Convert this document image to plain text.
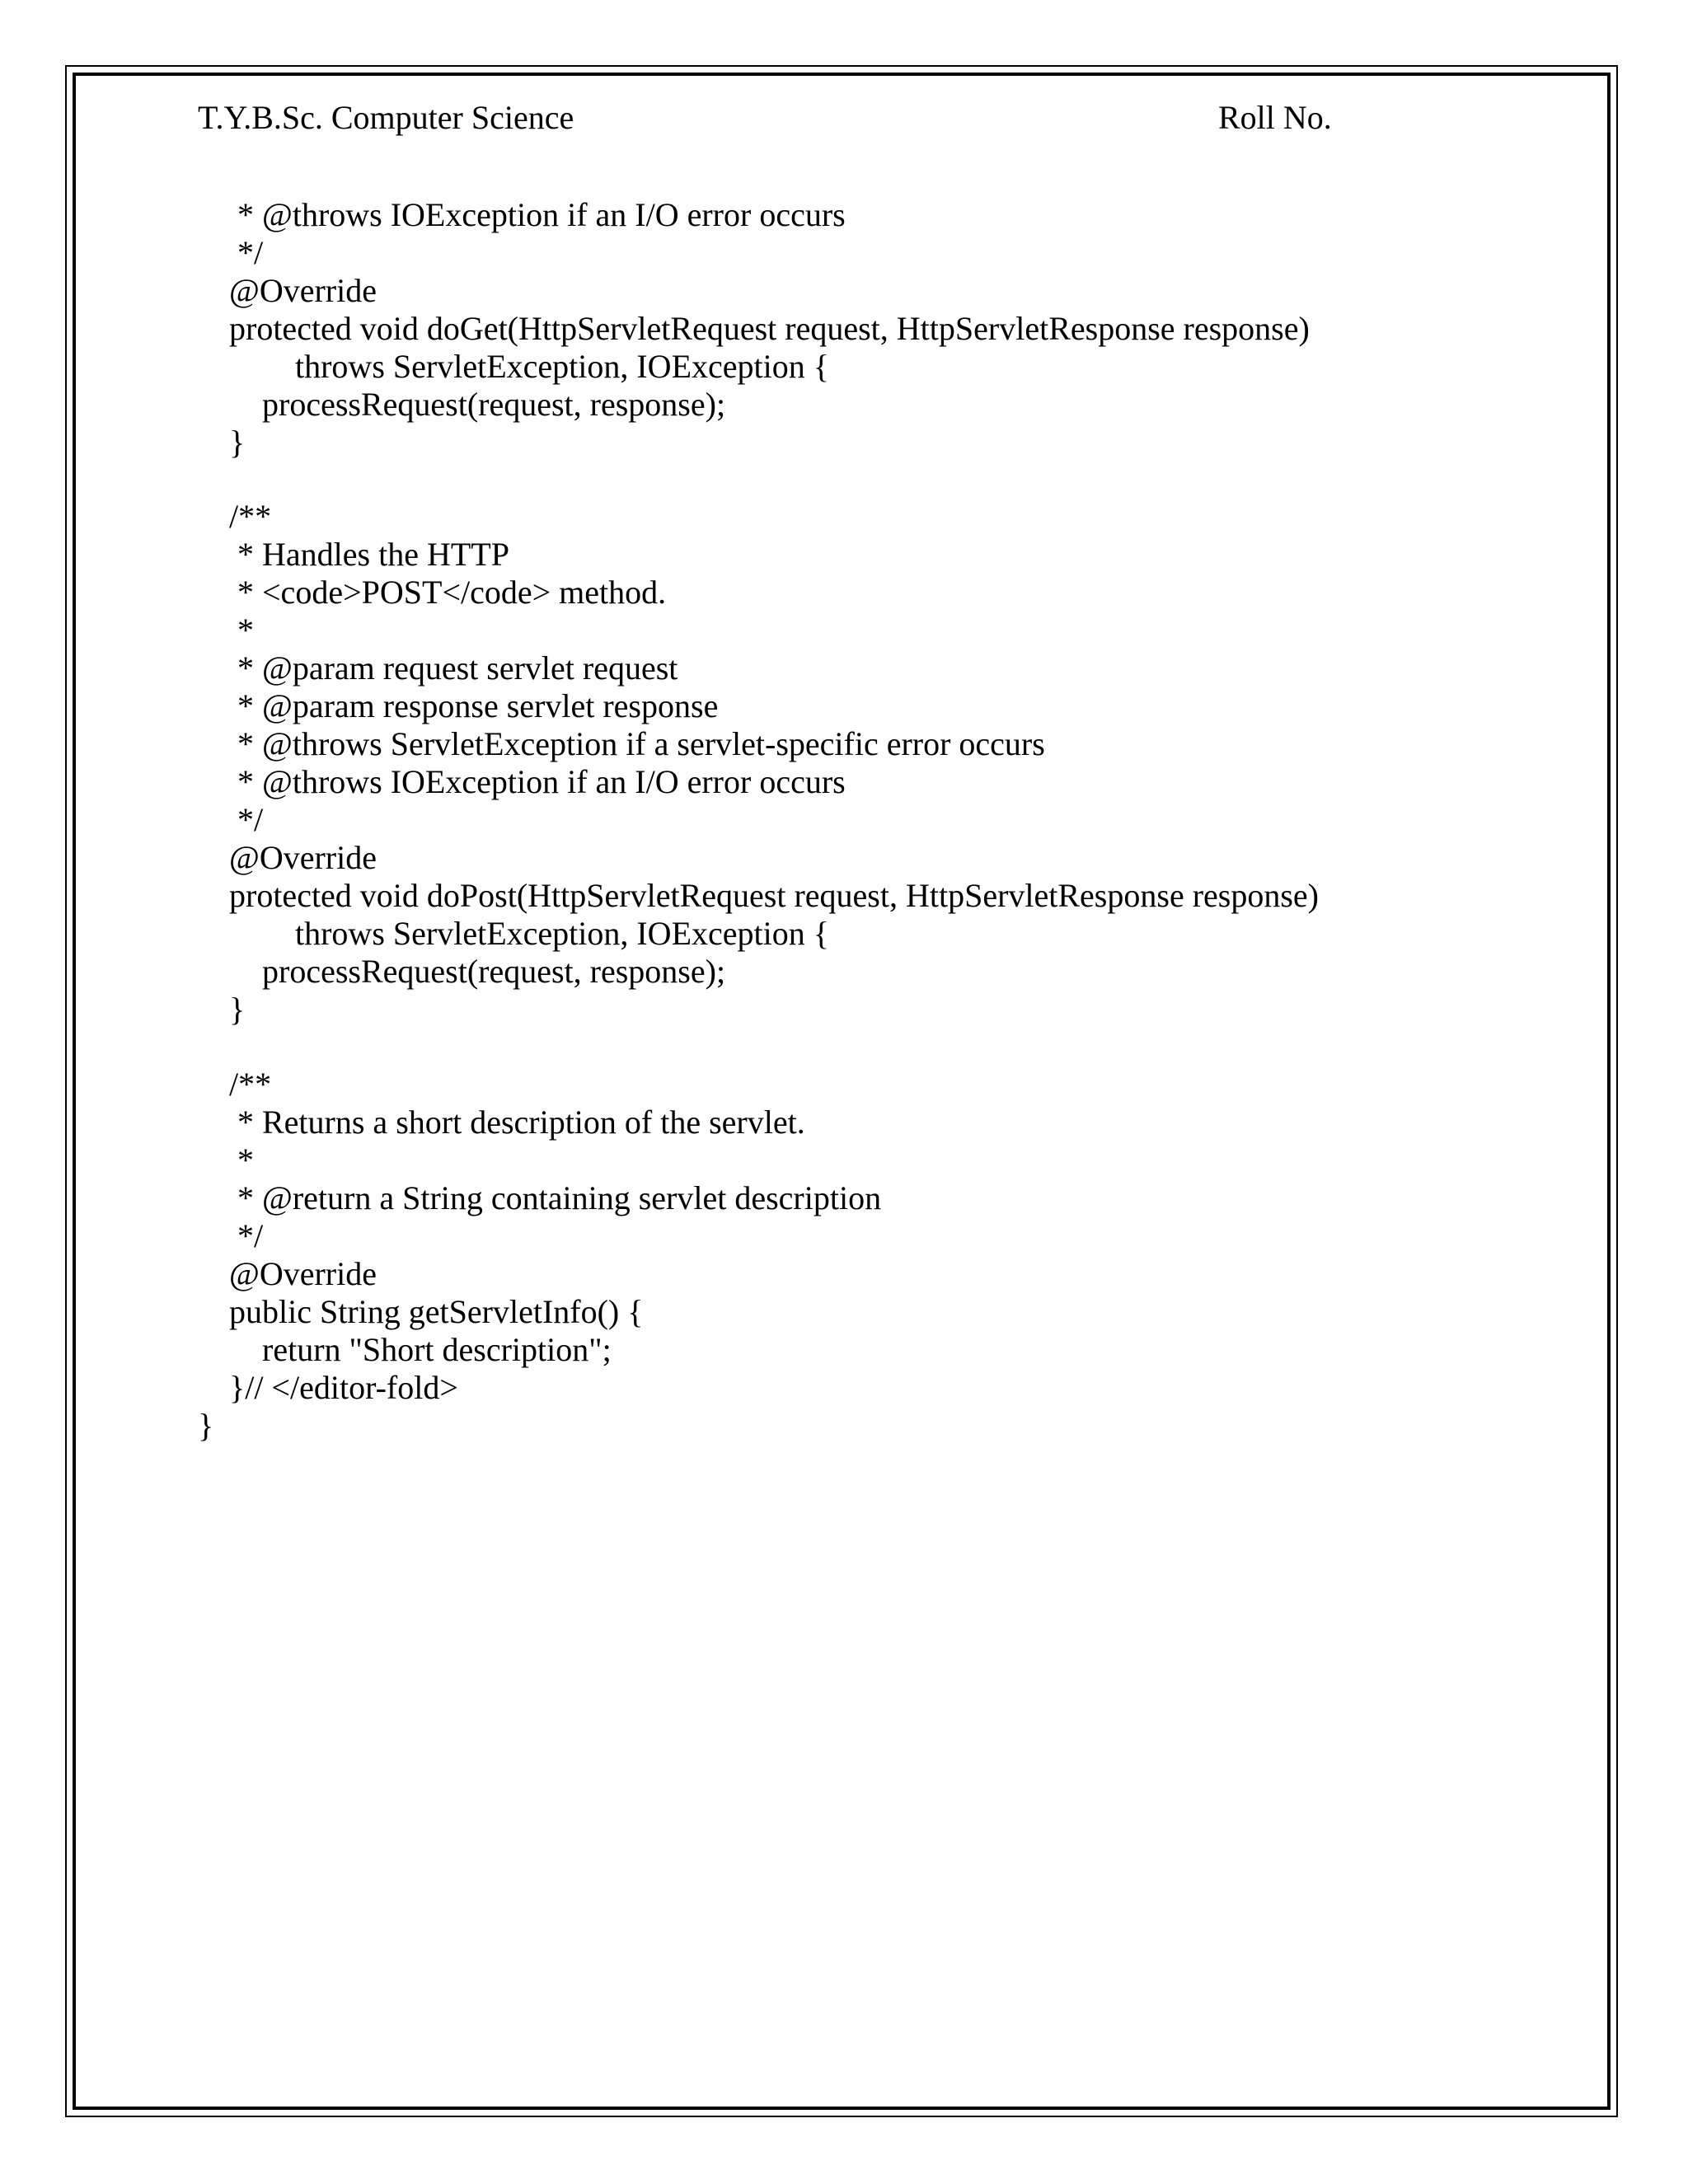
T.Y.B.Sc. Computer Science	Roll No.
* @throws IOException if an I/O error occurs
*/
@Override
protected void doGet(HttpServletRequest request, HttpServletResponse response)
throws ServletException, IOException {
processRequest(request, response);
}
/**
* Handles the HTTP
* <code>POST</code> method.
*
* @param request servlet request
* @param response servlet response
* @throws ServletException if a servlet-specific error occurs
* @throws IOException if an I/O error occurs
*/
@Override
protected void doPost(HttpServletRequest request, HttpServletResponse response)
throws ServletException, IOException {
processRequest(request, response);
}
/**
* Returns a short description of the servlet.
*
* @return a String containing servlet description
*/
@Override
public String getServletInfo() {
return "Short description";
}// </editor-fold>
}
